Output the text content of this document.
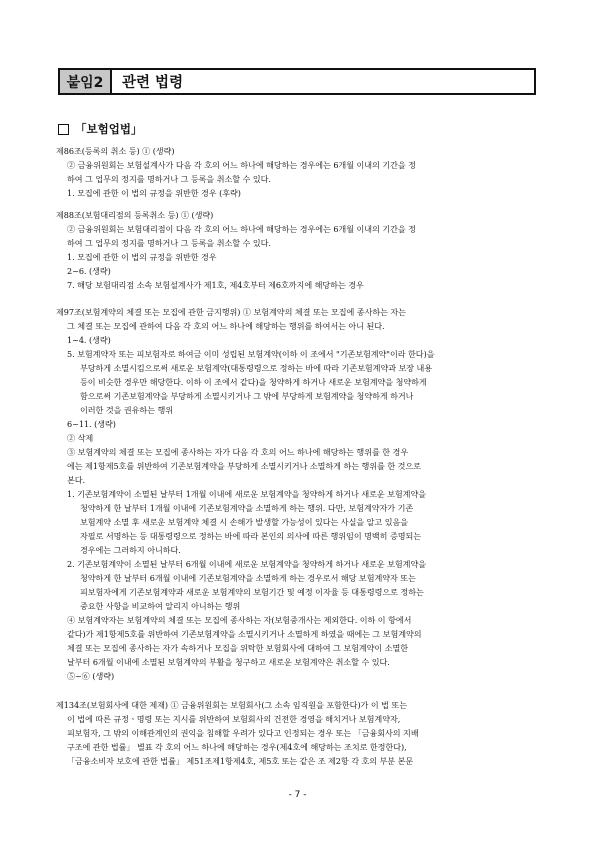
붙임2	관련 법령
「보험업법」
제86조(등록의 취소 등) ① (생략)
② 금융위원회는 보험설계사가 다음 각 호의 어느 하나에 해당하는 경우에는 6개월 이내의 기간을 정
하여 그 업무의 정지를 명하거나 그 등록을 취소할 수 있다.
1. 모집에 관한 이 법의 규정을 위반한 경우 (후략)
제88조(보험대리점의 등록취소 등) ① (생략)
② 금융위원회는 보험대리점이 다음 각 호의 어느 하나에 해당하는 경우에는 6개월 이내의 기간을 정
하여 그 업무의 정지를 명하거나 그 등록을 취소할 수 있다.
1. 모집에 관한 이 법의 규정을 위반한 경우
2~6. (생략)
7. 해당 보험대리점 소속 보험설계사가 제1호, 제4호부터 제6호까지에 해당하는 경우
제97조(보험계약의 체결 또는 모집에 관한 금지행위) ① 보험계약의 체결 또는 모집에 종사하는 자는
그 체결 또는 모집에 관하여 다음 각 호의 어느 하나에 해당하는 행위를 하여서는 아니 된다.
1~4. (생략)
5. 보험계약자 또는 피보험자로 하여금 이미 성립된 보험계약(이하 이 조에서 "기존보험계약"이라 한다)을
부당하게 소멸시킴으로써 새로운 보험계약(대통령령으로 정하는 바에 따라 기존보험계약과 보장 내용
등이 비슷한 경우만 해당한다. 이하 이 조에서 같다)을 청약하게 하거나 새로운 보험계약을 청약하게
함으로써 기존보험계약을 부당하게 소멸시키거나 그 밖에 부당하게 보험계약을 청약하게 하거나
이러한 것을 권유하는 행위
6~11. (생략)
② 삭제
③ 보험계약의 체결 또는 모집에 종사하는 자가 다음 각 호의 어느 하나에 해당하는 행위를 한 경우
에는 제1항제5호를 위반하여 기존보험계약을 부당하게 소멸시키거나 소멸하게 하는 행위를 한 것으로
본다.
1. 기존보험계약이 소멸된 날부터 1개월 이내에 새로운 보험계약을 청약하게 하거나 새로운 보험계약을
청약하게 한 날부터 1개월 이내에 기존보험계약을 소멸하게 하는 행위. 다만, 보험계약자가 기존
보험계약 소멸 후 새로운 보험계약 체결 시 손해가 발생할 가능성이 있다는 사실을 알고 있음을
자필로 서명하는 등 대통령령으로 정하는 바에 따라 본인의 의사에 따른 행위임이 명백히 증명되는
경우에는 그러하지 아니하다.
2. 기존보험계약이 소멸된 날부터 6개월 이내에 새로운 보험계약을 청약하게 하거나 새로운 보험계약을
청약하게 한 날부터 6개월 이내에 기존보험계약을 소멸하게 하는 경우로서 해당 보험계약자 또는
피보험자에게 기존보험계약과 새로운 보험계약의 보험기간 및 예정 이자율 등 대통령령으로 정하는
중요한 사항을 비교하여 알리지 아니하는 행위
④ 보험계약자는 보험계약의 체결 또는 모집에 종사하는 자(보험중개사는 제외한다. 이하 이 항에서
같다)가 제1항제5호를 위반하여 기존보험계약을 소멸시키거나 소멸하게 하였을 때에는 그 보험계약의
체결 또는 모집에 종사하는 자가 속하거나 모집을 위탁한 보험회사에 대하여 그 보험계약이 소멸한
날부터 6개월 이내에 소멸된 보험계약의 부활을 청구하고 새로운 보험계약은 취소할 수 있다.
⑤~⑥ (생략)
제134조(보험회사에 대한 제재) ① 금융위원회는 보험회사(그 소속 임직원을 포함한다)가 이 법 또는
이 법에 따른 규정ㆍ명령 또는 지시를 위반하여 보험회사의 건전한 경영을 해치거나 보험계약자,
피보험자, 그 밖의 이해관계인의 권익을 침해할 우려가 있다고 인정되는 경우 또는 「금융회사의 지배
구조에 관한 법률」 별표 각 호의 어느 하나에 해당하는 경우(제4호에 해당하는 조치로 한정한다),
「금융소비자 보호에 관한 법률」 제51조제1항제4호, 제5호 또는 같은 조 제2항 각 호의 부분 본문
- 7 -
